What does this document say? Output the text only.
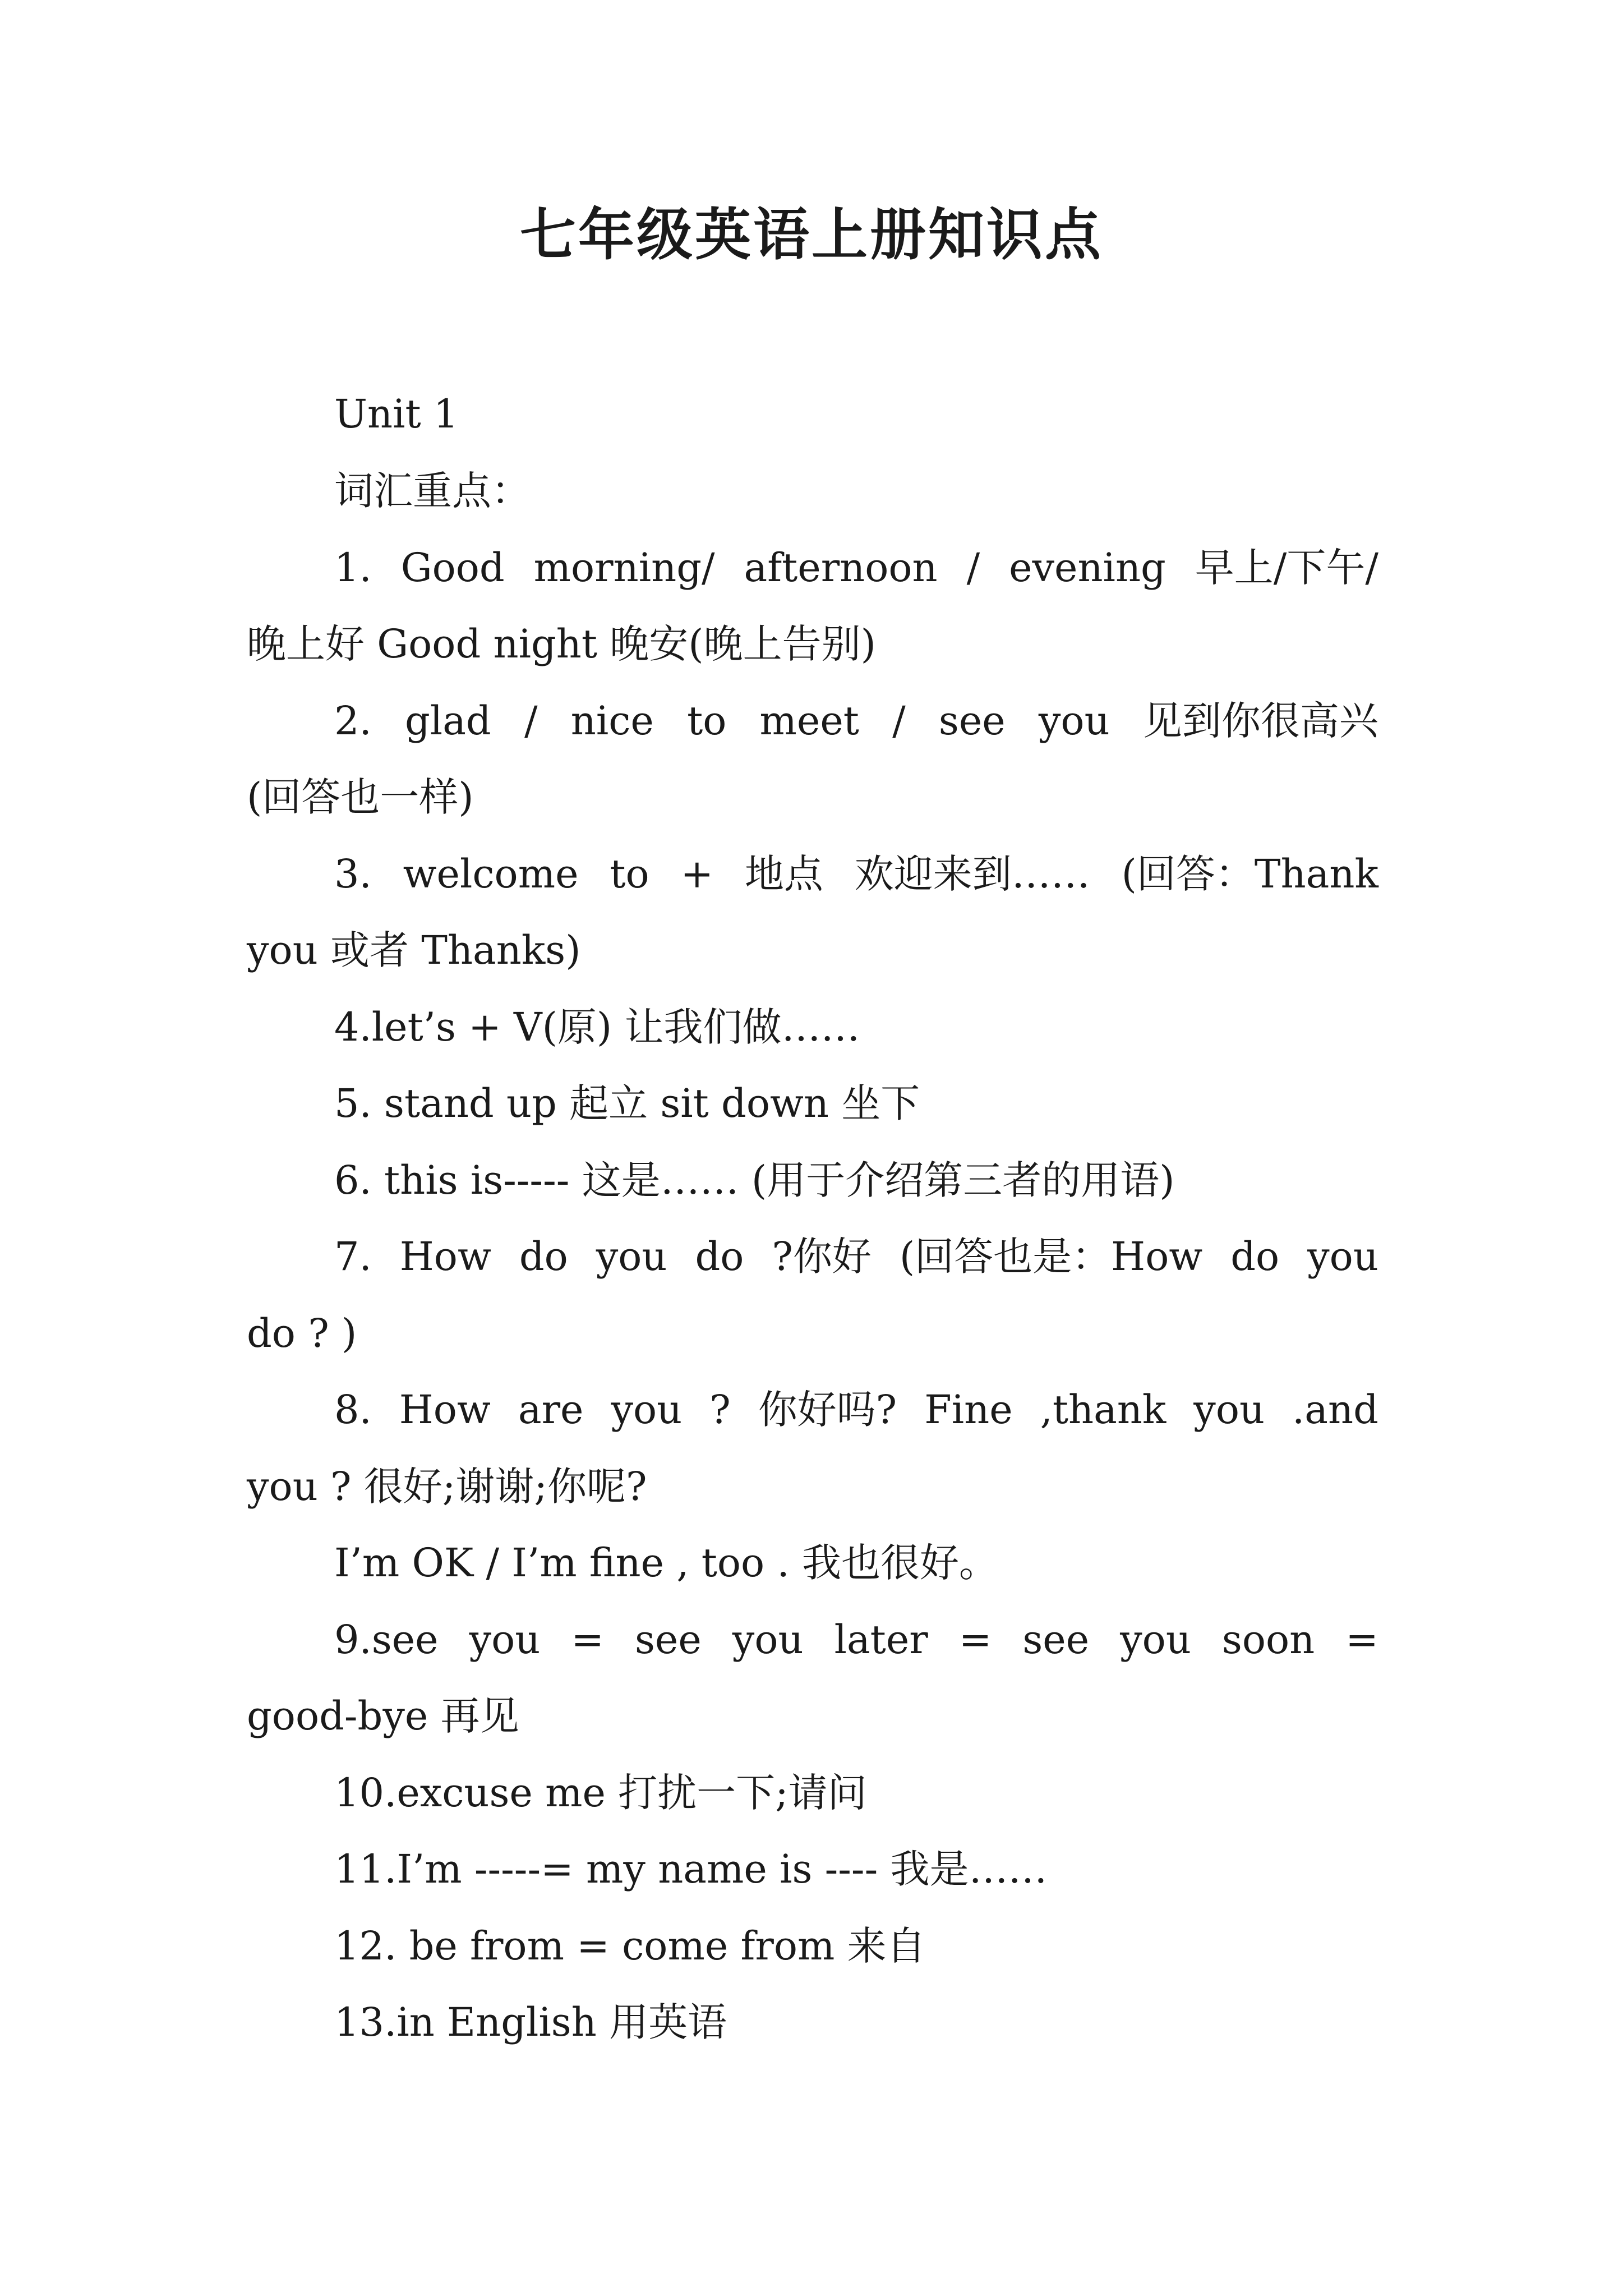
七年级英语上册知识点
Unit 1
词汇重点：
1. Good morning/ afternoon / evening 早上/下午/
晚上好 Good night 晚安(晚上告别)
2. glad / nice to meet / see you 见到你很高兴
(回答也一样)
3. welcome to + 地点 欢迎来到…… (回答：Thank
you 或者 Thanks)
4.let’s + V(原) 让我们做……
5. stand up 起立 sit down 坐下
6. this is----- 这是…… (用于介绍第三者的用语)
7. How do you do ?你好 (回答也是：How do you
do ? )
8. How are you ? 你好吗? Fine ,thank you .and
you ? 很好;谢谢;你呢?
I’m OK / I’m fine , too . 我也很好。
9.see you = see you later = see you soon =
good-bye 再见
10.excuse me 打扰一下;请问
11.I’m -----= my name is ---- 我是……
12. be from = come from 来自
13.in English 用英语
